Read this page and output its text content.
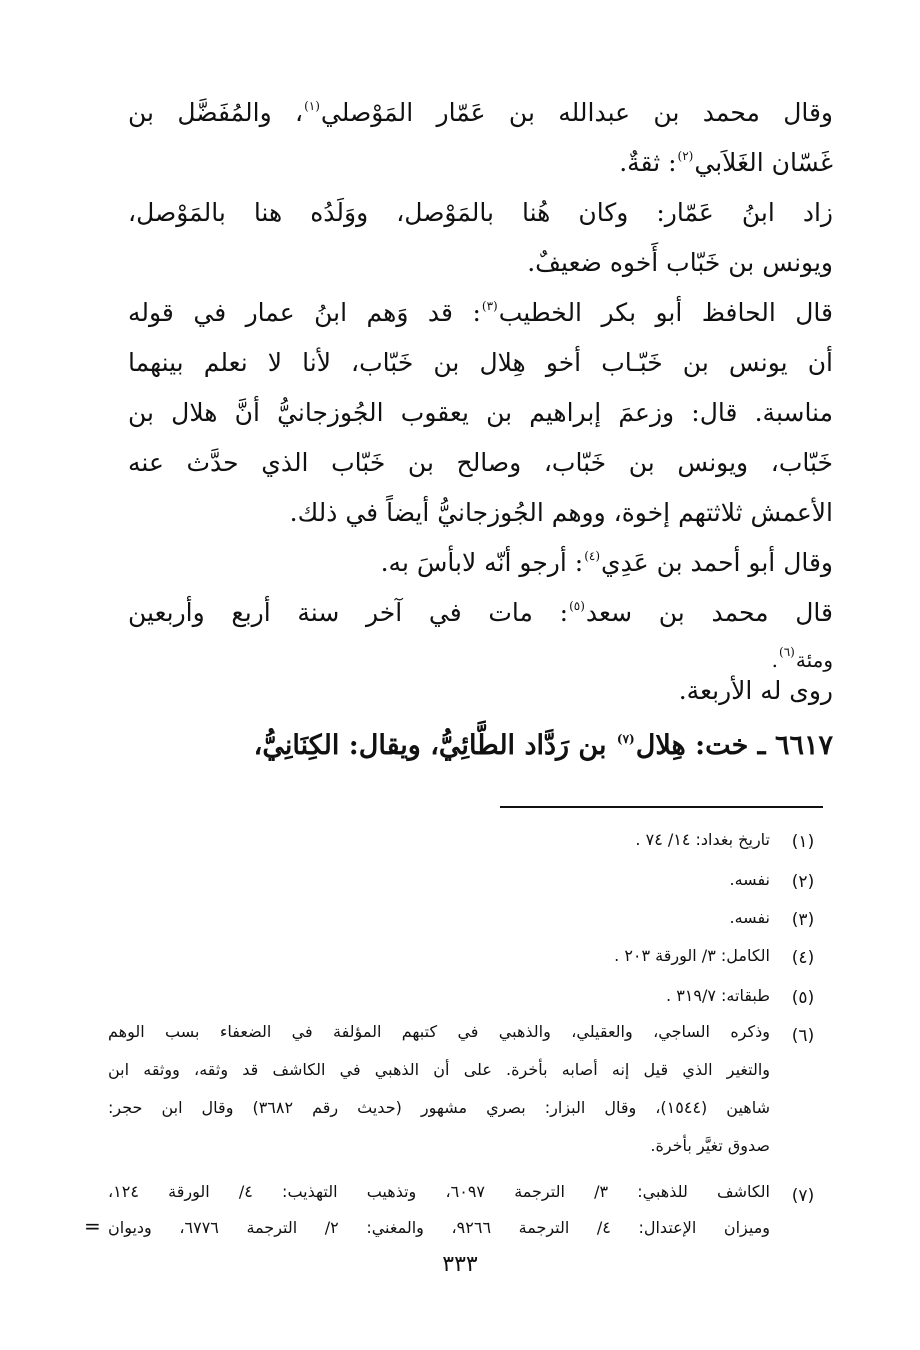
وقال محمد بن عبدالله بن عَمّار المَوْصلي$^{(١)}$، والمُفَضَّل بن
غَسّان الغَلاَبي$^{(٢)}$: ثقةٌ.
زاد ابنُ عَمّار: وكان هُنا بالمَوْصل، ووَلَدُه هنا بالمَوْصل،
ويونس بن خَبّاب أَخوه ضعيفٌ.
قال الحافظ أبو بكر الخطيب$^{(٣)}$: قد وَهم ابنُ عمار في قوله
أن يونس بن خَبّـاب أخو هِلال بن خَبّاب، لأنا لا نعلم بينهما
مناسبة. قال: وزعمَ إبراهيم بن يعقوب الجُوزجانيُّ أنَّ هلال بن
خَبّاب، ويونس بن خَبّاب، وصالح بن خَبّاب الذي حدَّث عنه
الأعمش ثلاثتهم إخوة، ووهم الجُوزجانيُّ أيضاً في ذلك.
وقال أبو أحمد بن عَدِي$^{(٤)}$: أرجو أنّه لابأسَ به.
قال محمد بن سعد$^{(٥)}$: مات في آخر سنة أربع وأربعين
ومئة$^{(٦)}$.
روى له الأربعة.
٦٦١٧ ـ خت: هِلال$^{(٧)}$ بن رَدَّاد الطَّائِيُّ، ويقال: الكِنَانِيُّ،
(١)
تاريخ بغداد: ١٤/ ٧٤ .
(٢)
نفسه.
(٣)
نفسه.
(٤)
الكامل: ٣/ الورقة ٢٠٣ .
(٥)
طبقاته: ٣١٩/٧ .
(٦)
وذكره الساجي، والعقيلي، والذهبي في كتبهم المؤلفة في الضعفاء بسب الوهم
والتغير الذي قيل إنه أصابه بأخرة. على أن الذهبي في الكاشف قد وثقه، ووثقه ابن
شاهين (١٥٤٤)، وقال البزار: بصري مشهور (حديث رقم ٣٦٨٢) وقال ابن حجر:
صدوق تغيَّر بأخرة.
(٧)
الكاشف للذهبي: ٣/ الترجمة ٦٠٩٧، وتذهيب التهذيب: ٤/ الورقة ١٢٤،
وميزان الإعتدال: ٤/ الترجمة ٩٢٦٦، والمغني: ٢/ الترجمة ٦٧٧٦، وديوان
=
٣٣٣
